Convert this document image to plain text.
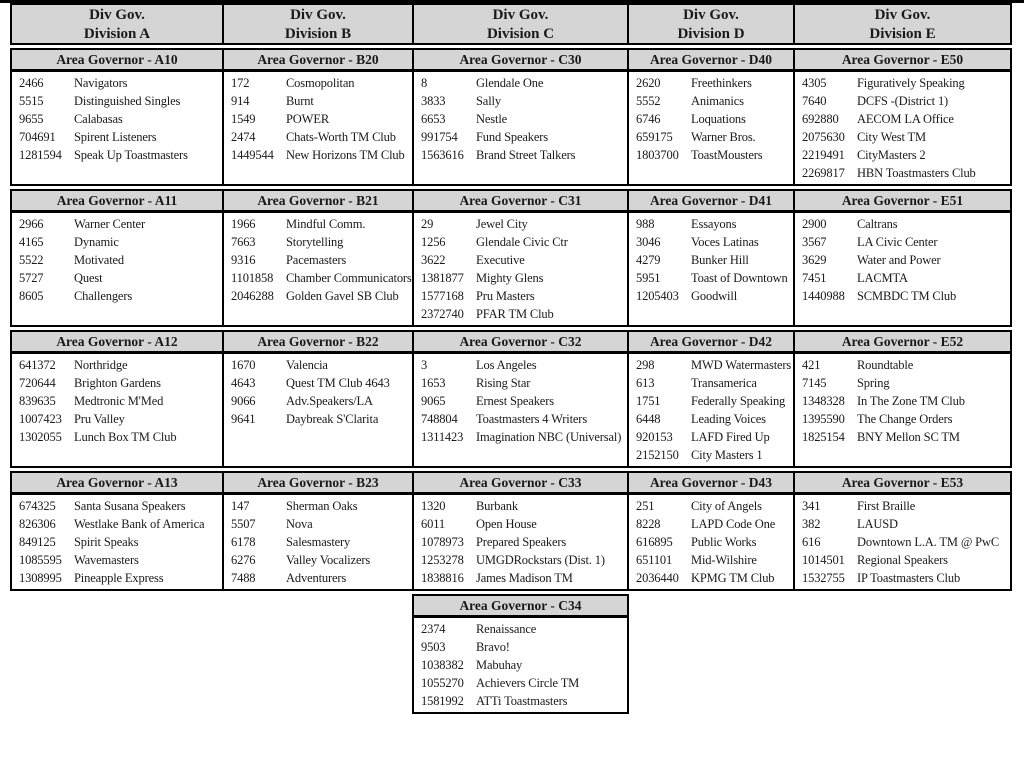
Div Gov.
Division A
Div Gov.
Division B
Div Gov.
Division C
Div Gov.
Division D
Div Gov.
Division E
Area Governor - A10
2466	Navigators
5515	Distinguished Singles
9655	Calabasas
704691	Spirent Listeners
1281594 Speak Up Toastmasters
Area Governor - B20
172	Cosmopolitan
914	Burnt
1549	POWER
2474	Chats-Worth TM Club
1449544 New Horizons TM Club
Area Governor - C30
8	Glendale One
3833	Sally
6653	Nestle
991754	Fund Speakers
1563616 Brand Street Talkers
Area Governor - D40
2620	Freethinkers
5552	Animanics
6746	Loquations
659175	Warner Bros.
1803700 ToastMousters
Area Governor - E50
4305	Figuratively Speaking
7640	DCFS -(District 1)
692880	AECOM LA Office
2075630 City West TM
2219491 CityMasters 2
2269817 HBN Toastmasters Club
Area Governor - A11
2966	Warner Center
4165	Dynamic
5522	Motivated
5727	Quest
8605	Challengers
Area Governor - B21
1966	Mindful Comm.
7663	Storytelling
9316	Pacemasters
1101858	Chamber Communicators
2046288 Golden Gavel SB Club
Area Governor - C31
29	Jewel City
1256	Glendale Civic Ctr
3622	Executive
1381877 Mighty Glens
1577168 Pru Masters
2372740 PFAR TM Club
Area Governor - D41
988	Essayons
3046	Voces Latinas
4279	Bunker Hill
5951	Toast of Downtown
1205403 Goodwill
Area Governor - E51
2900	Caltrans
3567	LA Civic Center
3629	Water and Power
7451	LACMTA
1440988 SCMBDC TM Club
Area Governor - A12
641372	Northridge
720644	Brighton Gardens
839635	Medtronic M'Med
1007423 Pru Valley
1302055 Lunch Box TM Club
Area Governor - B22
1670	Valencia
4643	Quest TM Club 4643
9066	Adv.Speakers/LA
9641	Daybreak S'Clarita
Area Governor - C32
3	Los Angeles
1653	Rising Star
9065	Ernest Speakers
748804	Toastmasters 4 Writers
1311423	Imagination NBC (Universal)
Area Governor - D42
298	MWD Watermasters
613	Transamerica
1751	Federally Speaking
6448	Leading Voices
920153	LAFD Fired Up
2152150 City Masters 1
Area Governor - E52
421	Roundtable
7145	Spring
1348328 In The Zone TM Club
1395590 The Change Orders
1825154 BNY Mellon SC TM
Area Governor - A13
674325	Santa Susana Speakers
826306	Westlake Bank of America
849125	Spirit Speaks
1085595 Wavemasters
1308995 Pineapple Express
Area Governor - B23
147	Sherman Oaks
5507	Nova
6178	Salesmastery
6276	Valley Vocalizers
7488	Adventurers
Area Governor - C33
1320	Burbank
6011	Open House
1078973 Prepared Speakers
1253278 UMGDRockstars (Dist. 1)
1838816 James Madison TM
Area Governor - D43
251	City of Angels
8228	LAPD Code One
616895	Public Works
651101	Mid-Wilshire
2036440 KPMG TM Club
Area Governor - E53
341	First Braille
382	LAUSD
616	Downtown L.A. TM @ PwC
1014501 Regional Speakers
1532755 IP Toastmasters Club
Area Governor - C34
2374	Renaissance
9503	Bravo!
1038382 Mabuhay
1055270 Achievers Circle TM
1581992 ATTi Toastmasters
